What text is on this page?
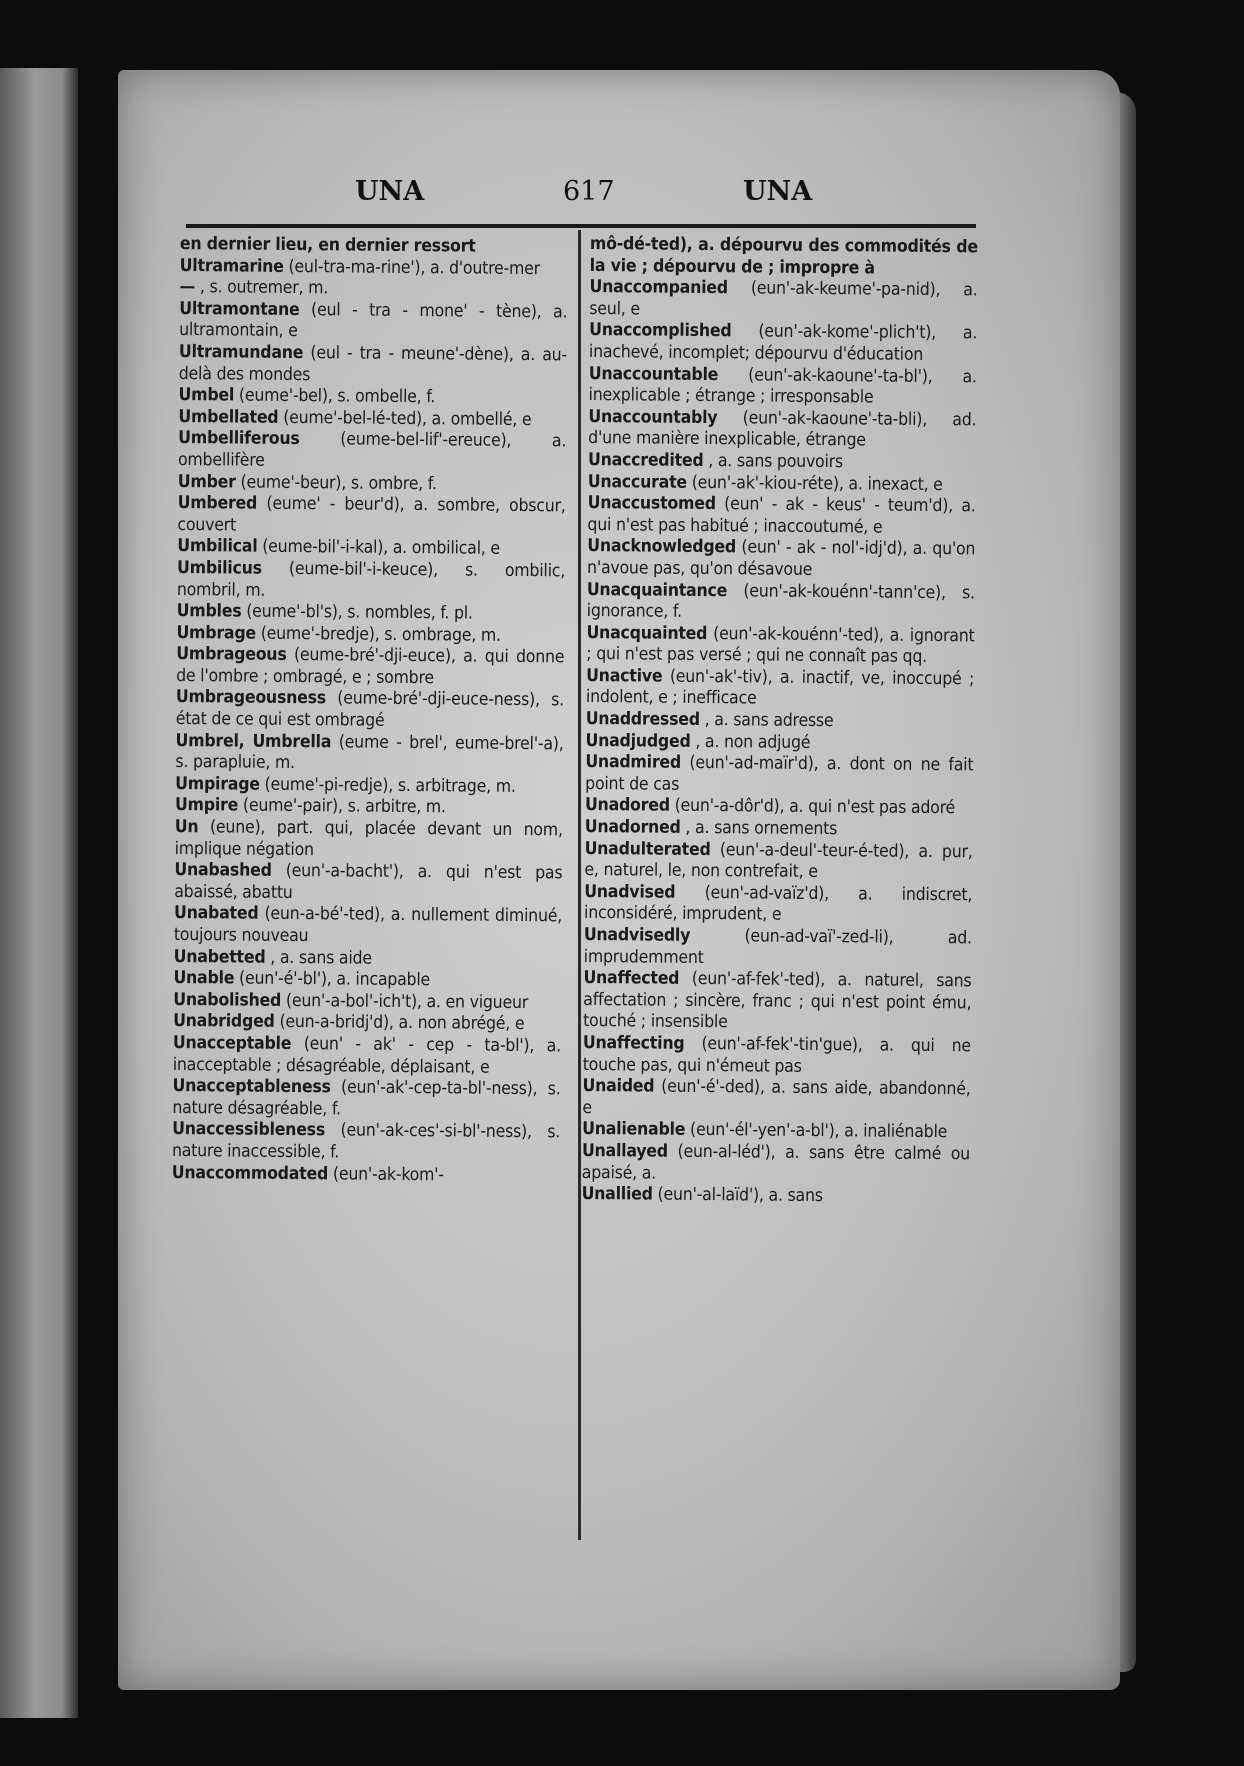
UNA	617	UNA

en dernier lieu, en dernier ressort

Ultramarine (eul-tra-ma-rine'), a. d'outre-mer

— , s. outremer, m.

Ultramontane (eul - tra - mone' - tène), a. ultramontain, e

Ultramundane (eul - tra - meune'-dène), a. au-delà des mondes

Umbel (eume'-bel), s. ombelle, f.

Umbellated (eume'-bel-lé-ted), a. ombellé, e

Umbelliferous (eume-bel-lif'-ereuce), a. ombellifère

Umber (eume'-beur), s. ombre, f.

Umbered (eume' - beur'd), a. sombre, obscur, couvert

Umbilical (eume-bil'-i-kal), a. ombilical, e

Umbilicus (eume-bil'-i-keuce), s. ombilic, nombril, m.

Umbles (eume'-bl's), s. nombles, f. pl.

Umbrage (eume'-bredje), s. ombrage, m.

Umbrageous (eume-bré'-dji-euce), a. qui donne de l'ombre ; ombragé, e ; sombre

Umbrageousness (eume-bré'-dji-euce-ness), s. état de ce qui est ombragé

Umbrel, Umbrella (eume - brel', eume-brel'-a), s. parapluie, m.

Umpirage (eume'-pi-redje), s. arbitrage, m.

Umpire (eume'-pair), s. arbitre, m.

Un (eune), part. qui, placée devant un nom, implique négation

Unabashed (eun'-a-bacht'), a. qui n'est pas abaissé, abattu

Unabated (eun-a-bé'-ted), a. nullement diminué, toujours nouveau

Unabetted , a. sans aide

Unable (eun'-é'-bl'), a. incapable

Unabolished (eun'-a-bol'-ich't), a. en vigueur

Unabridged (eun-a-bridj'd), a. non abrégé, e

Unacceptable (eun' - ak' - cep - ta-bl'), a. inacceptable ; désagréable, déplaisant, e

Unacceptableness (eun'-ak'-cep-ta-bl'-ness), s. nature désagréable, f.

Unaccessibleness (eun'-ak-ces'-si-bl'-ness), s. nature inaccessible, f.

Unaccommodated (eun'-ak-kom'-

mô-dé-ted), a. dépourvu des commodités de la vie ; dépourvu de ; impropre à

Unaccompanied (eun'-ak-keume'-pa-nid), a. seul, e

Unaccomplished (eun'-ak-kome'-plich't), a. inachevé, incomplet; dépourvu d'éducation

Unaccountable (eun'-ak-kaoune'-ta-bl'), a. inexplicable ; étrange ; irresponsable

Unaccountably (eun'-ak-kaoune'-ta-bli), ad. d'une manière inexplicable, étrange

Unaccredited , a. sans pouvoirs

Unaccurate (eun'-ak'-kiou-réte), a. inexact, e

Unaccustomed (eun' - ak - keus' - teum'd), a. qui n'est pas habitué ; inaccoutumé, e

Unacknowledged (eun' - ak - nol'-idj'd), a. qu'on n'avoue pas, qu'on désavoue

Unacquaintance (eun'-ak-kouénn'-tann'ce), s. ignorance, f.

Unacquainted (eun'-ak-kouénn'-ted), a. ignorant ; qui n'est pas versé ; qui ne connaît pas qq.

Unactive (eun'-ak'-tiv), a. inactif, ve, inoccupé ; indolent, e ; inefficace

Unaddressed , a. sans adresse

Unadjudged , a. non adjugé

Unadmired (eun'-ad-maïr'd), a. dont on ne fait point de cas

Unadored (eun'-a-dôr'd), a. qui n'est pas adoré

Unadorned , a. sans ornements

Unadulterated (eun'-a-deul'-teur-é-ted), a. pur, e, naturel, le, non contrefait, e

Unadvised (eun'-ad-vaïz'd), a. indiscret, inconsidéré, imprudent, e

Unadvisedly	(eun-ad-vaï'-zed-li), ad. imprudemment

Unaffected (eun'-af-fek'-ted), a. naturel, sans affectation ; sincère, franc ; qui n'est point ému, touché ; insensible

Unaffecting (eun'-af-fek'-tin'gue), a. qui ne touche pas, qui n'émeut pas

Unaided (eun'-é'-ded), a. sans aide, abandonné, e

Unalienable (eun'-él'-yen'-a-bl'), a. inaliénable

Unallayed (eun-al-léd'), a. sans être calmé ou apaisé, a.

Unallied (eun'-al-laïd'), a. sans
